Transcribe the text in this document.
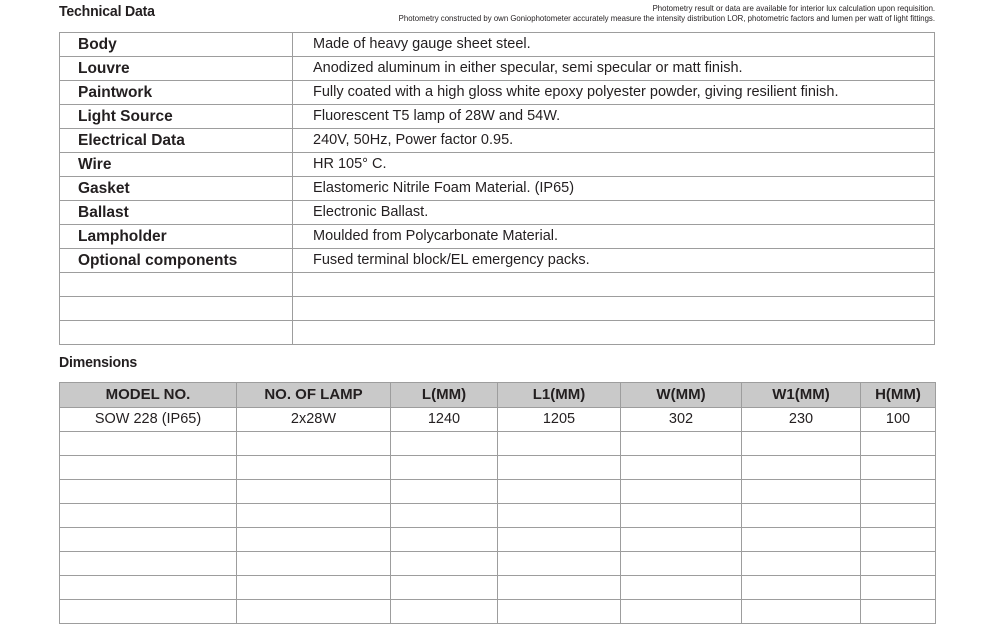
Technical Data	Photometry result or data are available for interior lux calculation upon requisition.
Photometry constructed by own Goniophotometer accurately measure the intensity distribution LOR, photometric factors and lumen per watt of light fittings.
Body	Made of heavy gauge sheet steel.
Louvre	Anodized aluminum in either specular, semi specular or matt finish.
Paintwork	Fully coated with a high gloss white epoxy polyester powder, giving resilient finish.
Light Source	Fluorescent T5 lamp of 28W and 54W.
Electrical Data	240V, 50Hz, Power factor 0.95.
Wire	HR 105° C.
Gasket	Elastomeric Nitrile Foam Material. (IP65)
Ballast	Electronic Ballast.
Lampholder	Moulded from Polycarbonate Material.
Optional components	Fused terminal block/EL emergency packs.

Dimensions
MODEL NO.	NO. OF LAMP	L(MM)	L1(MM)	W(MM)	W1(MM)	H(MM)
SOW 228 (IP65)	2x28W	1240	1205	302	230	100
